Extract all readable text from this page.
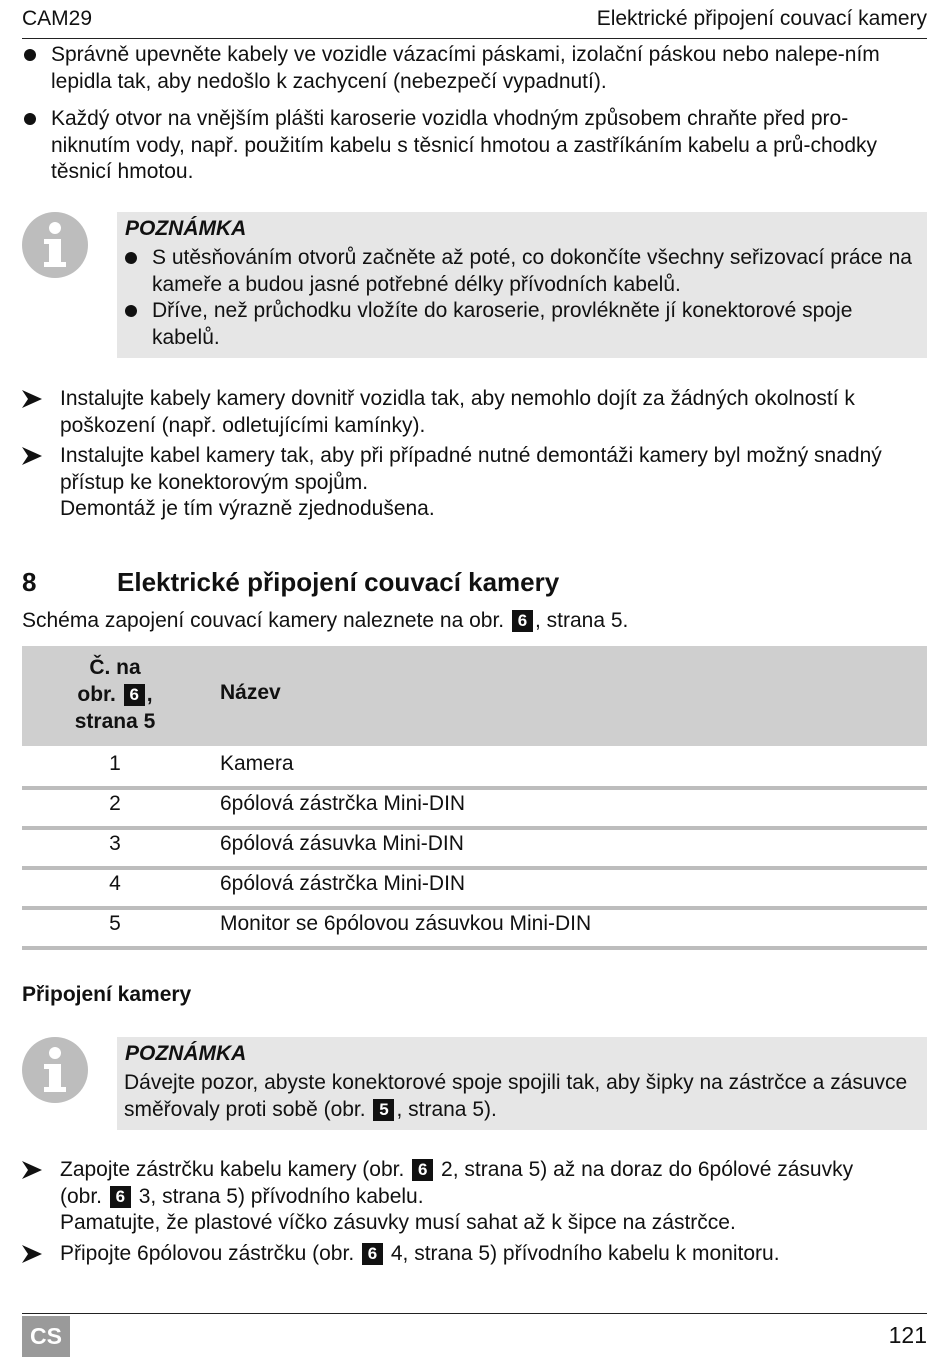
CAM29	Elektrické připojení couvací kamery
Správně upevněte kabely ve vozidle vázacími páskami, izolační páskou nebo nalepe-ním lepidla tak, aby nedošlo k zachycení (nebezpečí vypadnutí).
Každý otvor na vnějším plášti karoserie vozidla vhodným způsobem chraňte před pro-niknutím vody, např. použitím kabelu s těsnicí hmotou a zastříkáním kabelu a prů-chodky těsnicí hmotou.
POZNÁMKA
S utěsňováním otvorů začněte až poté, co dokončíte všechny seřizovací práce na kameře a budou jasné potřebné délky přívodních kabelů.
Dříve, než průchodku vložíte do karoserie, provlékněte jí konektorové spoje kabelů.
Instalujte kabely kamery dovnitř vozidla tak, aby nemohlo dojít za žádných okolností k poškození (např. odletujícími kamínky).
Instalujte kabel kamery tak, aby při případné nutné demontáži kamery byl možný snadný přístup ke konektorovým spojům.
Demontáž je tím výrazně zjednodušena.
8	Elektrické připojení couvací kamery
Schéma zapojení couvací kamery naleznete na obr. 6 , strana 5.
Č. na
obr. 6 ,
strana 5
Název
1	Kamera
2	6pólová zástrčka Mini-DIN
3	6pólová zásuvka Mini-DIN
4	6pólová zástrčka Mini-DIN
5	Monitor se 6pólovou zásuvkou Mini-DIN
Připojení kamery
POZNÁMKA
Dávejte pozor, abyste konektorové spoje spojili tak, aby šipky na zástrčce a zásuvce směřovaly proti sobě (obr. 5 , strana 5).
Zapojte zástrčku kabelu kamery (obr. 6 2, strana 5) až na doraz do 6pólové zásuvky
(obr. 6 3, strana 5) přívodního kabelu.
Pamatujte, že plastové víčko zásuvky musí sahat až k šipce na zástrčce.
Připojte 6pólovou zástrčku (obr. 6 4, strana 5) přívodního kabelu k monitoru.
CS	121
